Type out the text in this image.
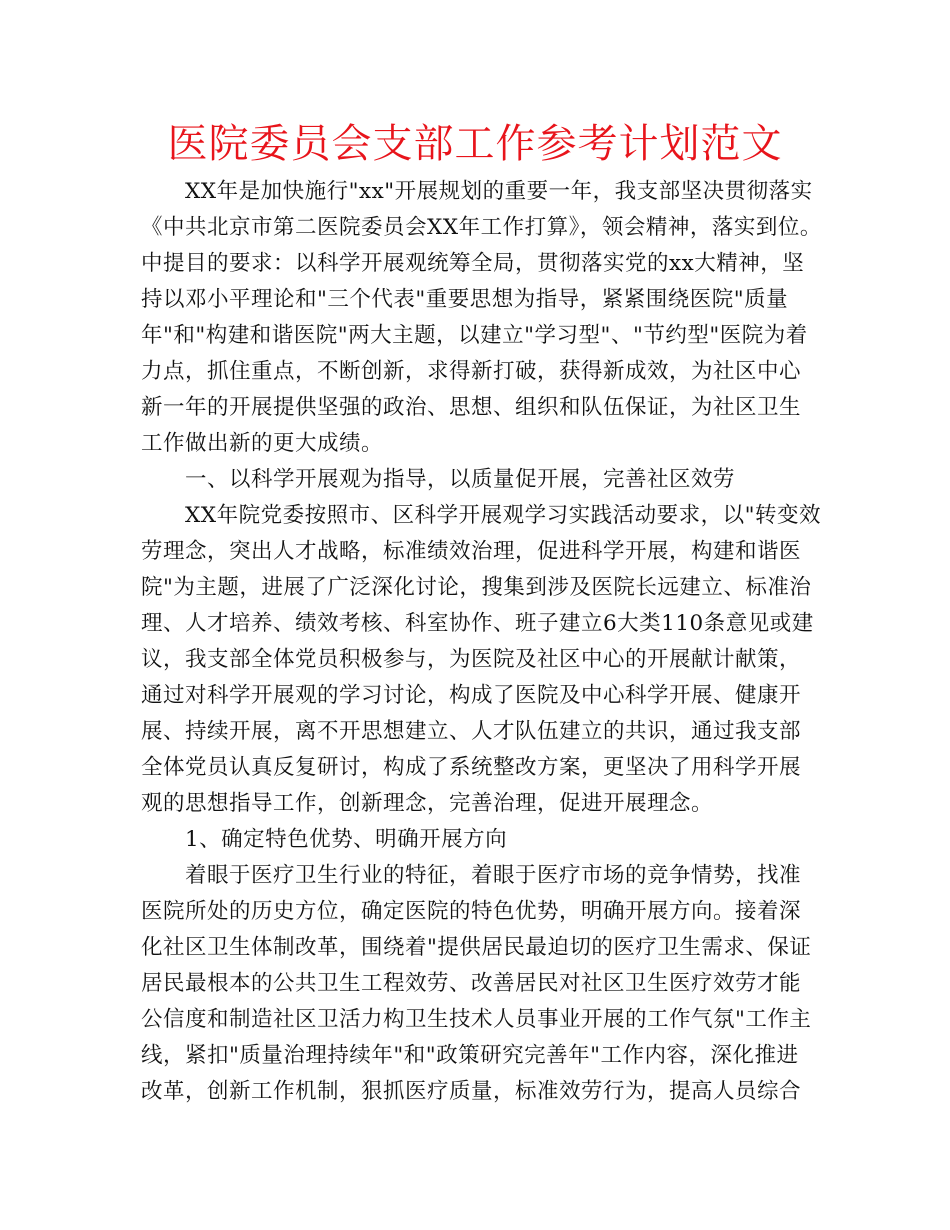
医院委员会支部工作参考计划范文
XX年是加快施行"xx"开展规划的重要一年，我支部坚决贯彻落实
《中共北京市第二医院委员会XX年工作打算》，领会精神，落实到位。
中提目的要求：以科学开展观统筹全局，贯彻落实党的xx大精神，坚
持以邓小平理论和"三个代表"重要思想为指导，紧紧围绕医院"质量
年"和"构建和谐医院"两大主题，以建立"学习型"、"节约型"医院为着
力点，抓住重点，不断创新，求得新打破，获得新成效，为社区中心
新一年的开展提供坚强的政治、思想、组织和队伍保证，为社区卫生
工作做出新的更大成绩。
一、以科学开展观为指导，以质量促开展，完善社区效劳
XX年院党委按照市、区科学开展观学习实践活动要求，以"转变效
劳理念，突出人才战略，标准绩效治理，促进科学开展，构建和谐医
院"为主题，进展了广泛深化讨论，搜集到涉及医院长远建立、标准治
理、人才培养、绩效考核、科室协作、班子建立6大类110条意见或建
议，我支部全体党员积极参与，为医院及社区中心的开展献计献策，
通过对科学开展观的学习讨论，构成了医院及中心科学开展、健康开
展、持续开展，离不开思想建立、人才队伍建立的共识，通过我支部
全体党员认真反复研讨，构成了系统整改方案，更坚决了用科学开展
观的思想指导工作，创新理念，完善治理，促进开展理念。
1、确定特色优势、明确开展方向
着眼于医疗卫生行业的特征，着眼于医疗市场的竞争情势，找准
医院所处的历史方位，确定医院的特色优势，明确开展方向。接着深
化社区卫生体制改革，围绕着"提供居民最迫切的医疗卫生需求、保证
居民最根本的公共卫生工程效劳、改善居民对社区卫生医疗效劳才能
公信度和制造社区卫活力构卫生技术人员事业开展的工作气氛"工作主
线，紧扣"质量治理持续年"和"政策研究完善年"工作内容，深化推进
改革，创新工作机制，狠抓医疗质量，标准效劳行为，提高人员综合
